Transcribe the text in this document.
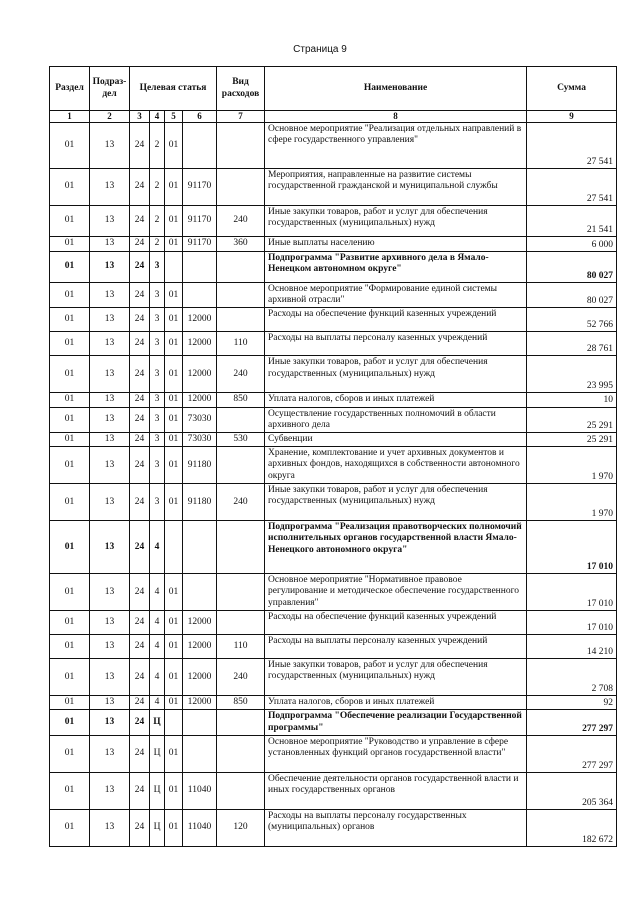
Страница 9
Раздел	Подраз-дел	Целевая статья				Вид расходов	Наименование	Сумма
1	2	3	4	5	6	7	8	9
01	13	24	2	01			Основное мероприятие "Реализация отдельных направлений в сфере государственного управления"	27 541
01	13	24	2	01	91170		Мероприятия, направленные на развитие системы государственной гражданской и муниципальной службы	27 541
01	13	24	2	01	91170	240	Иные закупки товаров, работ и услуг для обеспечения государственных (муниципальных) нужд	21 541
01	13	24	2	01	91170	360	Иные выплаты населению	6 000
01	13	24	3				Подпрограмма "Развитие архивного дела в Ямало-Ненецком автономном округе"	80 027
01	13	24	3	01			Основное мероприятие "Формирование единой системы архивной отрасли"	80 027
01	13	24	3	01	12000		Расходы на обеспечение функций казенных учреждений	52 766
01	13	24	3	01	12000	110	Расходы на выплаты персоналу казенных учреждений	28 761
01	13	24	3	01	12000	240	Иные закупки товаров, работ и услуг для обеспечения государственных (муниципальных) нужд	23 995
01	13	24	3	01	12000	850	Уплата налогов, сборов и иных платежей	10
01	13	24	3	01	73030		Осуществление государственных полномочий в области архивного дела	25 291
01	13	24	3	01	73030	530	Субвенции	25 291
01	13	24	3	01	91180		Хранение, комплектование и учет архивных документов и архивных фондов, находящихся в собственности автономного округа	1 970
01	13	24	3	01	91180	240	Иные закупки товаров, работ и услуг для обеспечения государственных (муниципальных) нужд	1 970
01	13	24	4				Подпрограмма "Реализация правотворческих полномочий исполнительных органов государственной власти Ямало-Ненецкого автономного округа"	17 010
01	13	24	4	01			Основное мероприятие "Нормативное правовое регулирование и методическое обеспечение государственного управления"	17 010
01	13	24	4	01	12000		Расходы на обеспечение функций казенных учреждений	17 010
01	13	24	4	01	12000	110	Расходы на выплаты персоналу казенных учреждений	14 210
01	13	24	4	01	12000	240	Иные закупки товаров, работ и услуг для обеспечения государственных (муниципальных) нужд	2 708
01	13	24	4	01	12000	850	Уплата налогов, сборов и иных платежей	92
01	13	24	Ц				Подпрограмма "Обеспечение реализации Государственной программы"	277 297
01	13	24	Ц	01			Основное мероприятие "Руководство и управление в сфере установленных функций органов государственной власти"	277 297
01	13	24	Ц	01	11040		Обеспечение деятельности органов государственной власти и иных государственных органов	205 364
01	13	24	Ц	01	11040	120	Расходы на выплаты персоналу государственных (муниципальных) органов	182 672
